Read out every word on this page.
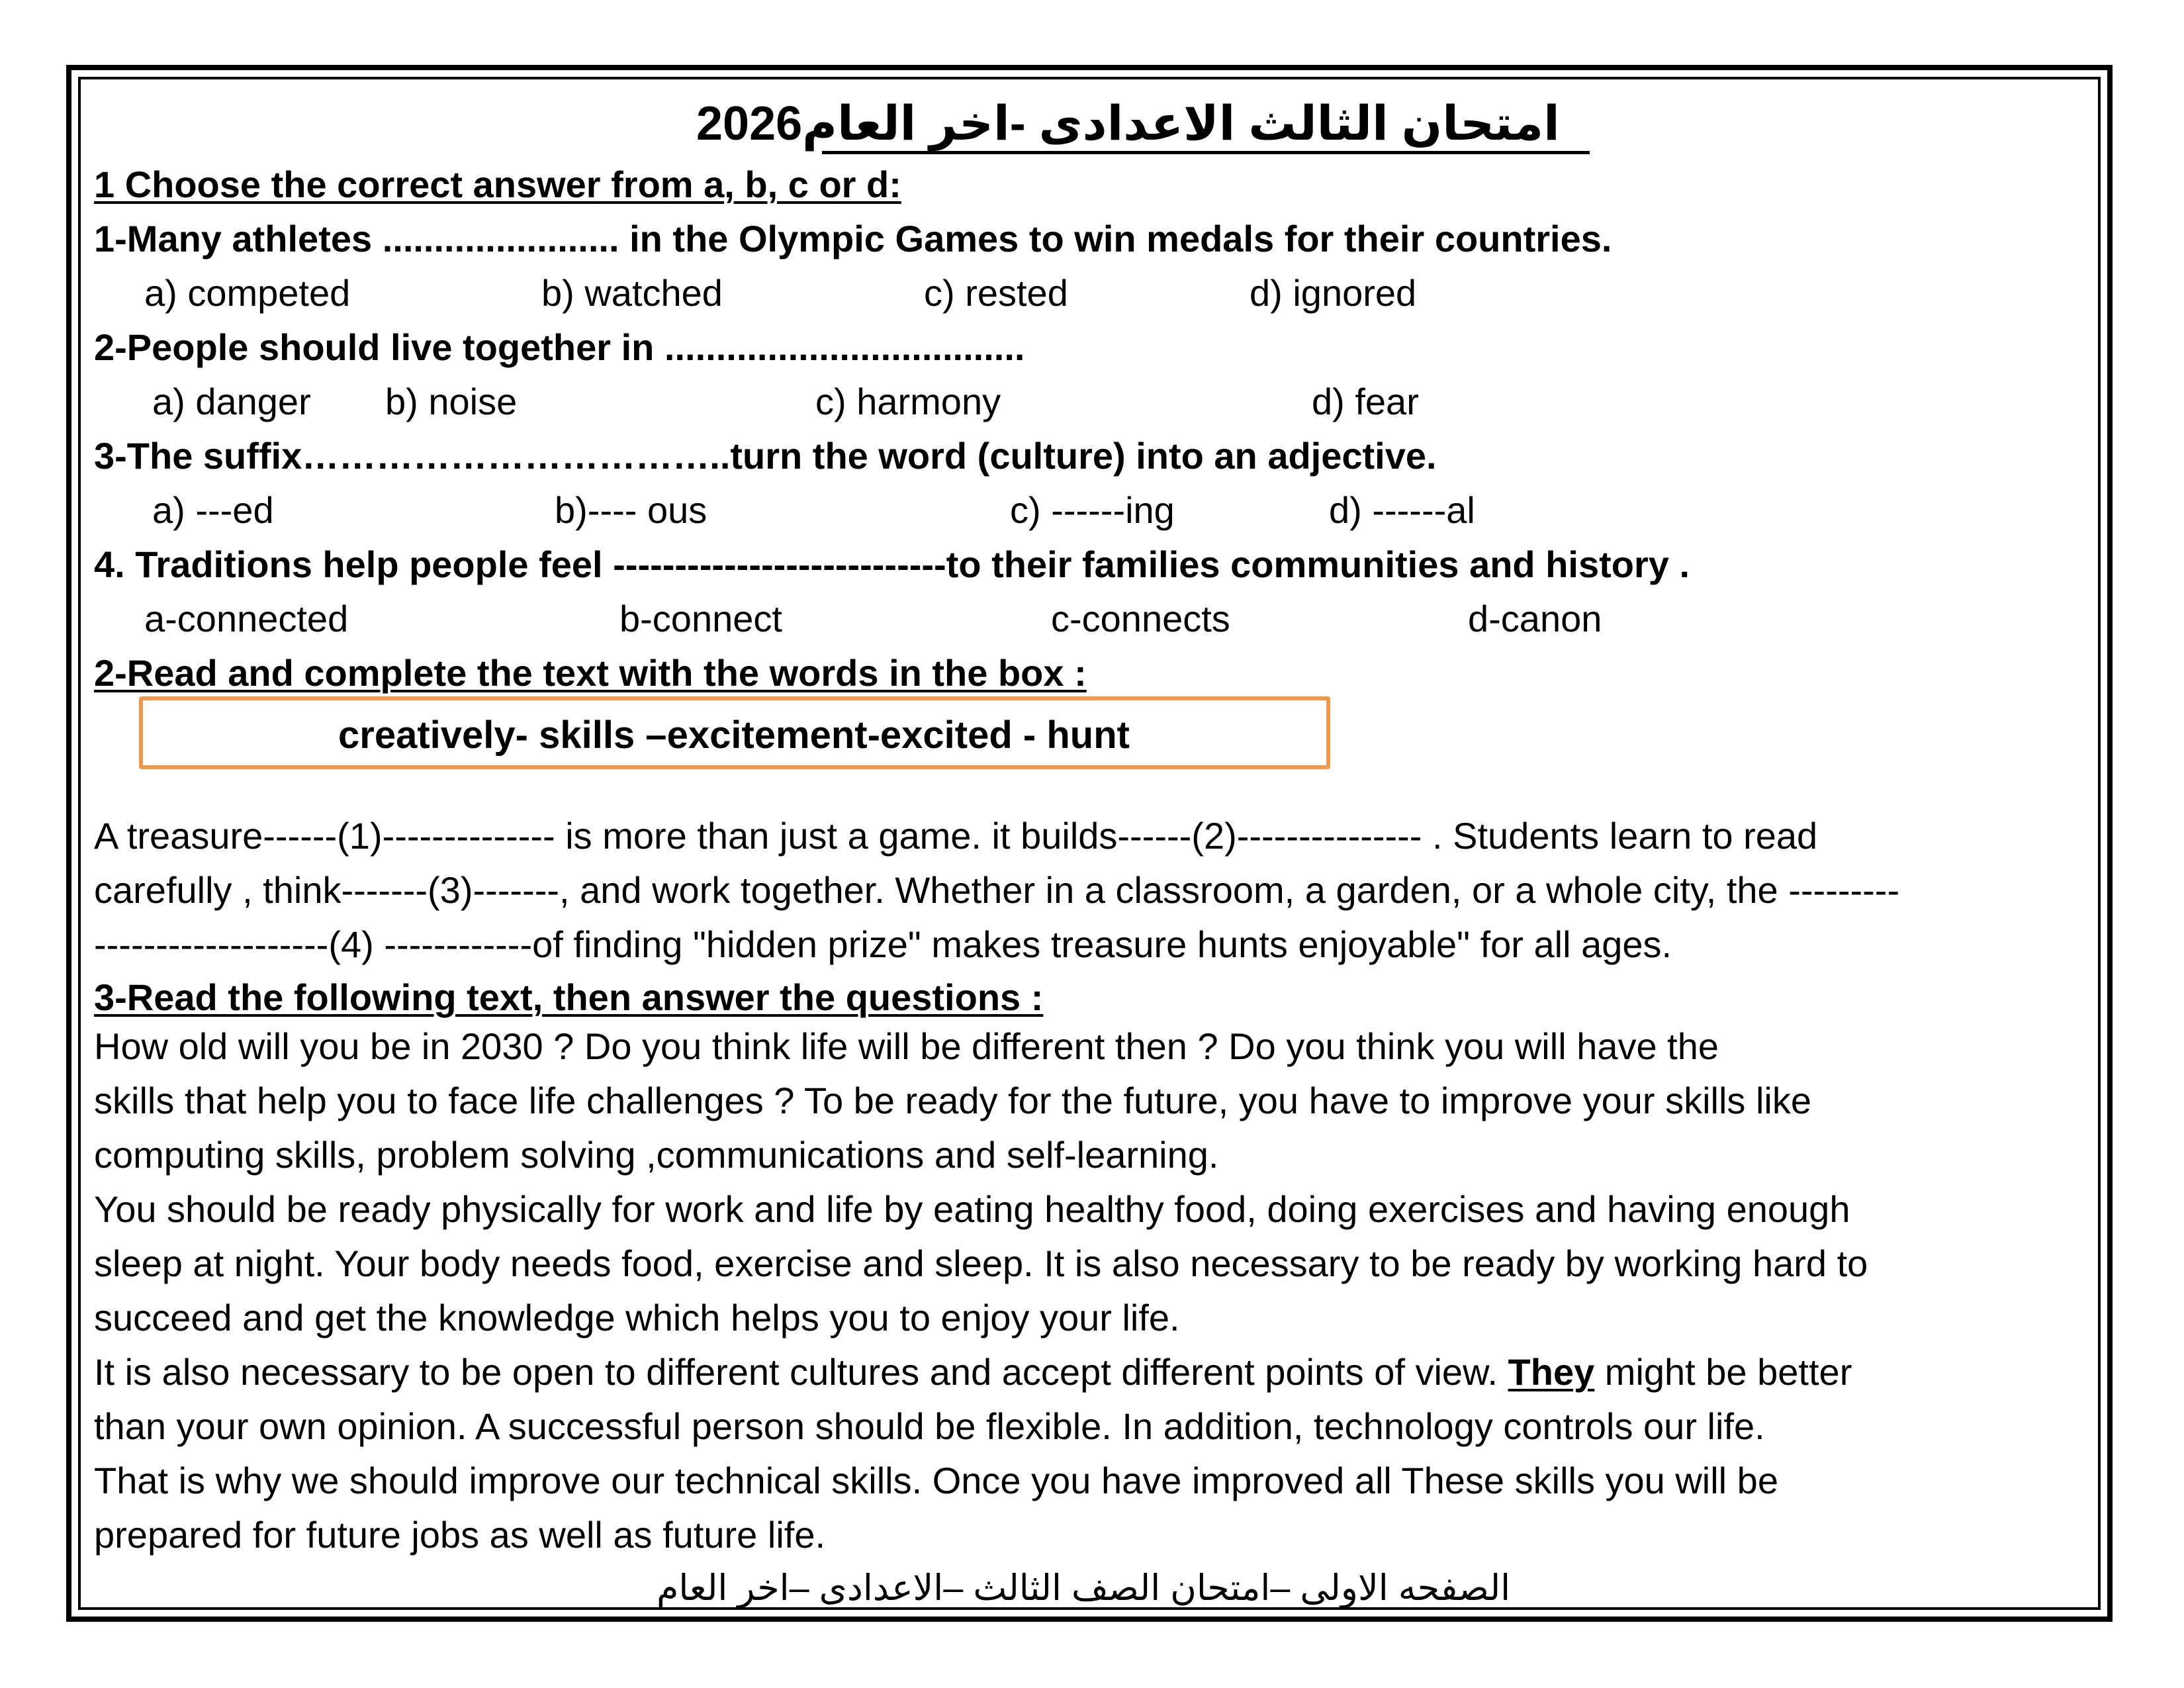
امتحان الثالث الاعدادى -اخر العام2026
1 Choose the correct answer from a, b, c or d:
1-Many athletes ....................... in the Olympic Games to win medals for their countries.
a) competed	b) watched	c) rested	d) ignored
2-People should live together in ...................................
a) danger b) noise	c) harmony	d) fear
3-The suffix……………………………..turn the word (culture) into an adjective.
a) ---ed	b)---- ous	c) ------ing	d) ------al
4. Traditions help people feel ---------------------------to their families communities and history .
a-connected	b-connect	c-connects	d-canon
2-Read and complete the text with the words in the box :
creatively- skills –excitement-excited - hunt
A treasure------(1)-------------- is more than just a game. it builds------(2)--------------- . Students learn to read
carefully , think-------(3)-------, and work together. Whether in a classroom, a garden, or a whole city, the ---------
-------------------(4) ------------of finding "hidden prize" makes treasure hunts enjoyable" for all ages.
3-Read the following text, then answer the questions :
How old will you be in 2030 ? Do you think life will be different then ? Do you think you will have the
skills that help you to face life challenges ? To be ready for the future, you have to improve your skills like
computing skills, problem solving ,communications and self-learning.
You should be ready physically for work and life by eating healthy food, doing exercises and having enough
sleep at night. Your body needs food, exercise and sleep. It is also necessary to be ready by working hard to
succeed and get the knowledge which helps you to enjoy your life.
It is also necessary to be open to different cultures and accept different points of view. They might be better
than your own opinion. A successful person should be flexible. In addition, technology controls our life.
That is why we should improve our technical skills. Once you have improved all These skills you will be
prepared for future jobs as well as future life.
الصفحه الاولى –امتحان الصف الثالث –الاعدادى –اخر العام
